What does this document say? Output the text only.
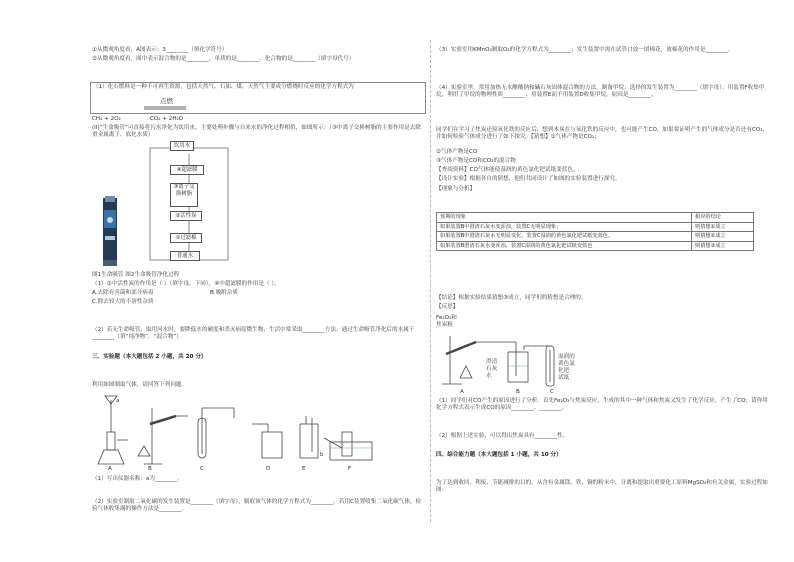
①从微观角度看，A图表示：3________（填化学符号）
②从微观角度看，图中表示混合物的是________，单质的是________，化合物的是________（填字母代号）
（1）化石燃料是一种不可再生资源，包括天然气、石油、煤，天然气主要成分燃烧时反应的化学方程式为
点燃
CH₄ + 2O₂	CO₂ + 2H₂O
(II)“生命吸管”可直接将污水净化为饮用水，主要处理步骤与自来水的净化过程相似，如图所示：（③中离子交换树脂的主要作用是去除重金属离子、软化水质）
饮用水
④超滤膜
③离子交换树脂
②活性炭
①过滤棉
普通水
图1生命吸管 图2生命吸管净化过程
（1）②中活性炭的作用是（ ）（填字母，下同），④中超滤膜的作用是（ ）。
A.去除有害菌和部分病毒	B.吸附杂质
C.除去较大的不溶性杂质
（2）若无生命吸管，取用河水时，要降低水的硬度和杀灭病原微生物，生活中常采取________方法。通过生命吸管净化后的水属于________（填“纯净物”、“混合物”）
三、实验题（本大题包括 2 小题，共 20 分）
利用如图制取气体，请回答下列问题。
a
b
A	B	C	D	E	F
（1）写出仪器名称：a为________。
（2）实验室制取二氧化碳的发生装置是________（填字母），制取该气体的化学方程式为________，若用C装置收集二氧化碳气体，检验气体收集满的操作方法是________。
（3）实验室用KMnO₄制取O₂的化学方程式为________；发生装置中需在试管口放一团棉花，放棉花的作用是________。
（4）实验室里，常用加热无水醋酸钠和碱石灰固体混合物的方法，制备甲烷。选择的发生装置为________（填字母）。用装置F收集甲烷，利用了甲烷的物理性质________；用装置E而不用装置D收集甲烷，原因是________。
同学们在学习了焦炭还原氧化铁的反应后，想到木炭在与氧化铁的反应中，也可能产生CO，如果要证明产生的气体成分是否还有CO₂，并如何检验气体成分进行了如下探究。【猜想】①气体产物是CO₂；
②气体产物是CO
③气体产物是CO和CO₂的混合物
【查阅资料】CO气体能使湿润的黄色氯化钯试纸变蓝色。
【设计实验】根据各自的猜想，他们共同设计了如图的实验装置进行探究。
【现象与分析】
预期的现象	相应的结论
如果装置B中澄清石灰水变浑浊，装置C无明显现象；	则猜想①成立
如果装置B中澄清石灰水无明显变化，装置C湿润的黄色氯化钯试纸变蓝色。	则猜想②成立
如果装置B澄清石灰水变浑浊，装置C湿润的黄色氯化钯试纸变蓝色	则猜想③成立
【结论】根据实验结果猜想③成立，同学们的猜想是合理的。
【反思】
Fe₂O₃和
焦炭粉
澄清
石灰
水
湿润的
黄色氯
化钯
试纸
A	B	C
（1）同学们对CO产生的原因进行了分析：首先Fe₂O₃与焦炭反应，生成的其中一种气体和焦炭又发生了化学反应，产生了CO；请你用化学方程式表示生成CO的原因________、________。
（2）根据上述实验，可以得出焦炭具有________性。
四、综合能力题（本大题包括 1 小题，共 10 分）
为了达到收回、利废、节能减排的目的，从含有金属镁、铁、铜的粉末中，分离和提取出重要化工原料MgSO₄和有关金属，实验过程如图：
